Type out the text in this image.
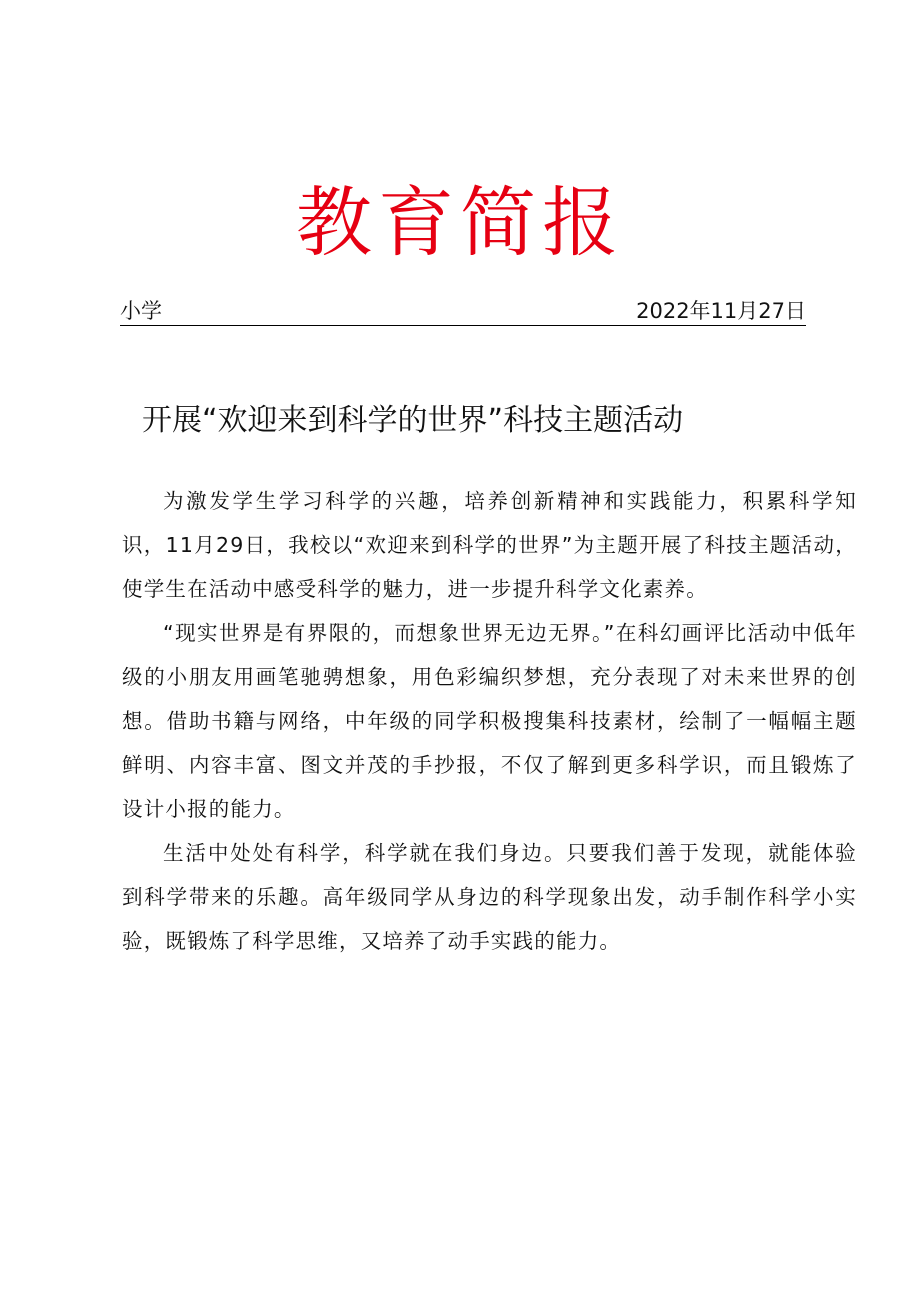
教育简报
小学	2022年11月27日
开展“欢迎来到科学的世界”科技主题活动

为激发学生学习科学的兴趣，培养创新精神和实践能力，积累科学知识，11月29日，我校以“欢迎来到科学的世界”为主题开展了科技主题活动，使学生在活动中感受科学的魅力，进一步提升科学文化素养。

“现实世界是有界限的，而想象世界无边无界。”在科幻画评比活动中低年级的小朋友用画笔驰骋想象，用色彩编织梦想，充分表现了对未来世界的创想。借助书籍与网络，中年级的同学积极搜集科技素材，绘制了一幅幅主题鲜明、内容丰富、图文并茂的手抄报，不仅了解到更多科学识，而且锻炼了设计小报的能力。

生活中处处有科学，科学就在我们身边。只要我们善于发现，就能体验到科学带来的乐趣。高年级同学从身边的科学现象出发，动手制作科学小实验，既锻炼了科学思维，又培养了动手实践的能力。
